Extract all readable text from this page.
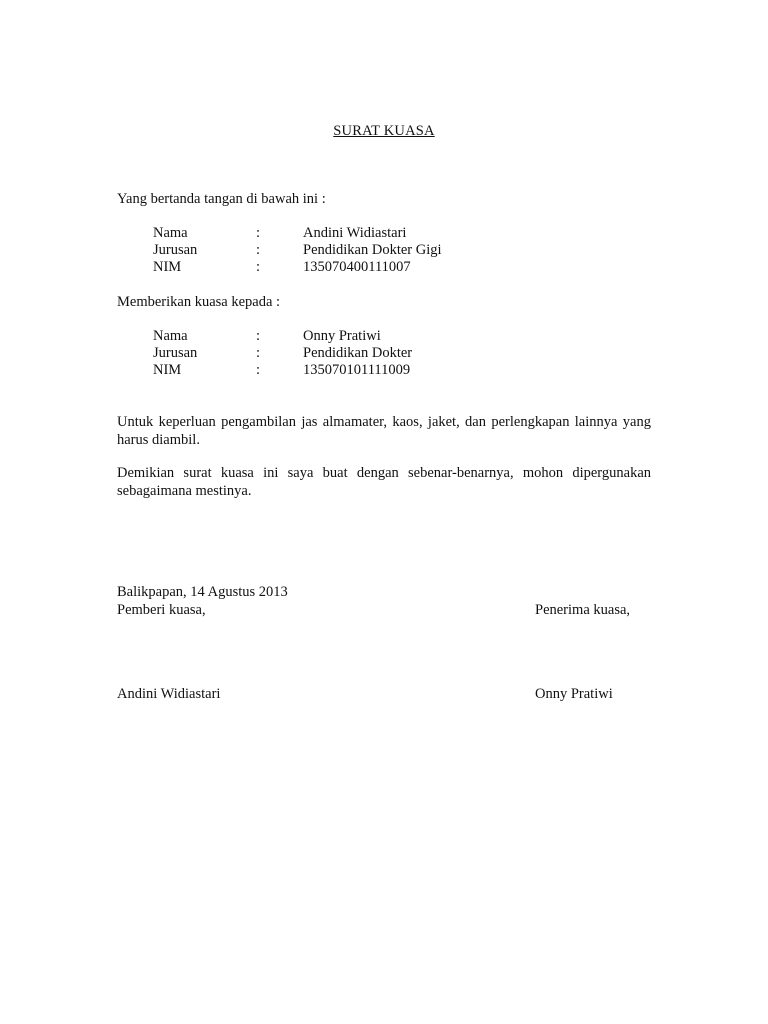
SURAT KUASA
Yang bertanda tangan di bawah ini :
Nama	:	Andini Widiastari
Jurusan	:	Pendidikan Dokter Gigi
NIM	:	135070400111007
Memberikan kuasa kepada :
Nama	:	Onny Pratiwi
Jurusan	:	Pendidikan Dokter
NIM	:	135070101111009
Untuk keperluan pengambilan jas almamater, kaos, jaket, dan perlengkapan lainnya yang harus diambil.
Demikian surat kuasa ini saya buat dengan sebenar-benarnya, mohon dipergunakan sebagaimana mestinya.
Balikpapan, 14 Agustus 2013
Pemberi kuasa,	Penerima kuasa,
Andini Widiastari	Onny Pratiwi
